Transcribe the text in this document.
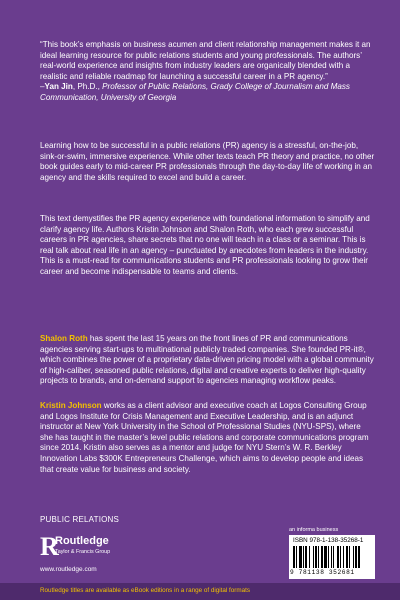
“This book’s emphasis on business acumen and client relationship management makes it an ideal learning resource for public relations students and young professionals. The authors’ real-world experience and insights from industry leaders are organically blended with a realistic and reliable roadmap for launching a successful career in a PR agency.”
–Yan Jin, Ph.D., Professor of Public Relations, Grady College of Journalism and Mass Communication, University of Georgia
Learning how to be successful in a public relations (PR) agency is a stressful, on-the-job, sink-or-swim, immersive experience. While other texts teach PR theory and practice, no other book guides early to mid-career PR professionals through the day-to-day life of working in an agency and the skills required to excel and build a career.
This text demystifies the PR agency experience with foundational information to simplify and clarify agency life. Authors Kristin Johnson and Shalon Roth, who each grew successful careers in PR agencies, share secrets that no one will teach in a class or a seminar. This is real talk about real life in an agency – punctuated by anecdotes from leaders in the industry. This is a must-read for communications students and PR professionals looking to grow their career and become indispensable to teams and clients.
Shalon Roth has spent the last 15 years on the front lines of PR and communications agencies serving start-ups to multinational publicly traded companies. She founded PR-it®, which combines the power of a proprietary data-driven pricing model with a global community of high-caliber, seasoned public relations, digital and creative experts to deliver high-quality projects to brands, and on-demand support to agencies managing workflow peaks.
Kristin Johnson works as a client advisor and executive coach at Logos Consulting Group and Logos Institute for Crisis Management and Executive Leadership, and is an adjunct instructor at New York University in the School of Professional Studies (NYU-SPS), where she has taught in the master’s level public relations and corporate communications program since 2014. Kristin also serves as a mentor and judge for NYU Stern’s W. R. Berkley Innovation Labs $300K Entrepreneurs Challenge, which aims to develop people and ideas that create value for business and society.
PUBLIC RELATIONS
R
Routledge
Taylor & Francis Group
www.routledge.com
an informa business
ISBN 978-1-138-35268-1
9 781138 352681
Routledge titles are available as eBook editions in a range of digital formats
